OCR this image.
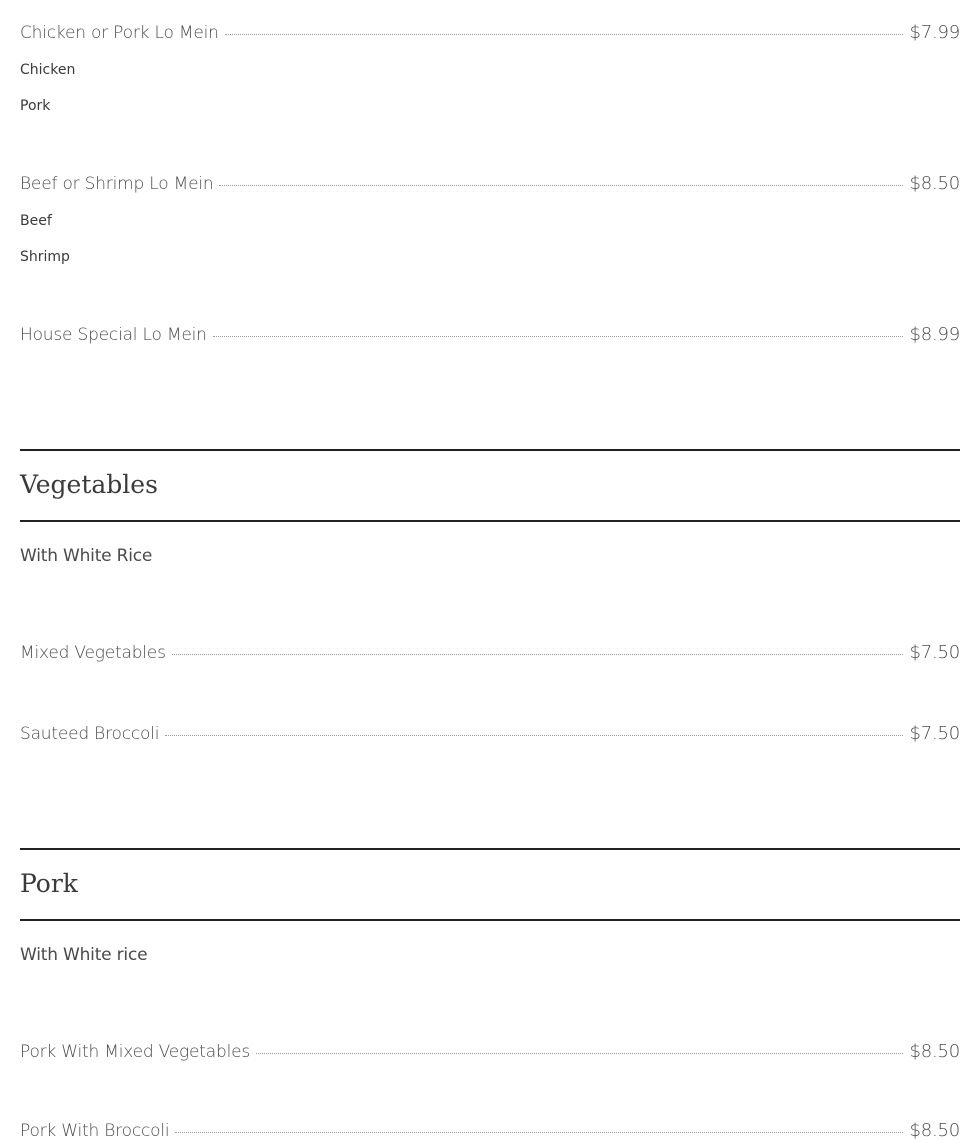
Chicken or Pork Lo Mein	$7.99
Chicken
Pork
Beef or Shrimp Lo Mein	$8.50
Beef
Shrimp
House Special Lo Mein	$8.99
Vegetables
With White Rice
Mixed Vegetables	$7.50
Sauteed Broccoli	$7.50
Pork
With White rice
Pork With Mixed Vegetables	$8.50
Pork With Broccoli	$8.50
